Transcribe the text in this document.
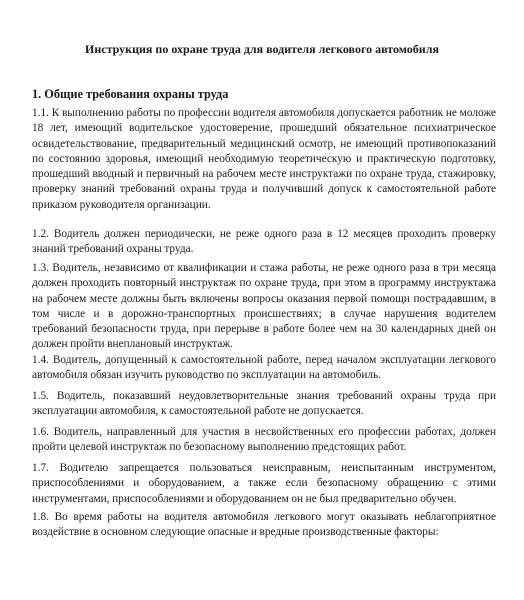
Инструкция по охране труда для водителя легкового автомобиля
1. Общие требования охраны труда

1.1. К выполнению работы по профессии водителя автомобиля допускается работник не моложе 18 лет, имеющий водительское удостоверение, прошедший обязательное психиатрическое освидетельствование, предварительный медицинский осмотр, не имеющий противопоказаний по состоянию здоровья, имеющий необходимую теоретическую и практическую подготовку, прошедший вводный и первичный на рабочем месте инструктажи по охране труда, стажировку, проверку знаний требований охраны труда и получивший допуск к самостоятельной работе приказом руководителя организации.

1.2. Водитель должен периодически, не реже одного раза в 12 месяцев проходить проверку знаний требований охраны труда.

1.3. Водитель, независимо от квалификации и стажа работы, не реже одного раза в три месяца должен проходить повторный инструктаж по охране труда, при этом в программу инструктажа на рабочем месте должны быть включены вопросы оказания первой помощи пострадавшим, в том числе и в дорожно-транспортных происшествиях; в случае нарушения водителем требований безопасности труда, при перерыве в работе более чем на 30 календарных дней он должен пройти внеплановый инструктаж.

1.4. Водитель, допущенный к самостоятельной работе, перед началом эксплуатации легкового автомобиля обязан изучить руководство по эксплуатации на автомобиль.

1.5. Водитель, показавший неудовлетворительные знания требований охраны труда при эксплуатации автомобиля, к самостоятельной работе не допускается.

1.6. Водитель, направленный для участия в несвойственных его профессии работах, должен пройти целевой инструктаж по безопасному выполнению предстоящих работ.

1.7. Водителю запрещается пользоваться неисправным, неиспытанным инструментом, приспособлениями и оборудованием, а также если безопасному обращению с этими инструментами, приспособлениями и оборудованием он не был предварительно обучен.

1.8. Во время работы на водителя автомобиля легкового могут оказывать неблагоприятное воздействие в основном следующие опасные и вредные производственные факторы:
